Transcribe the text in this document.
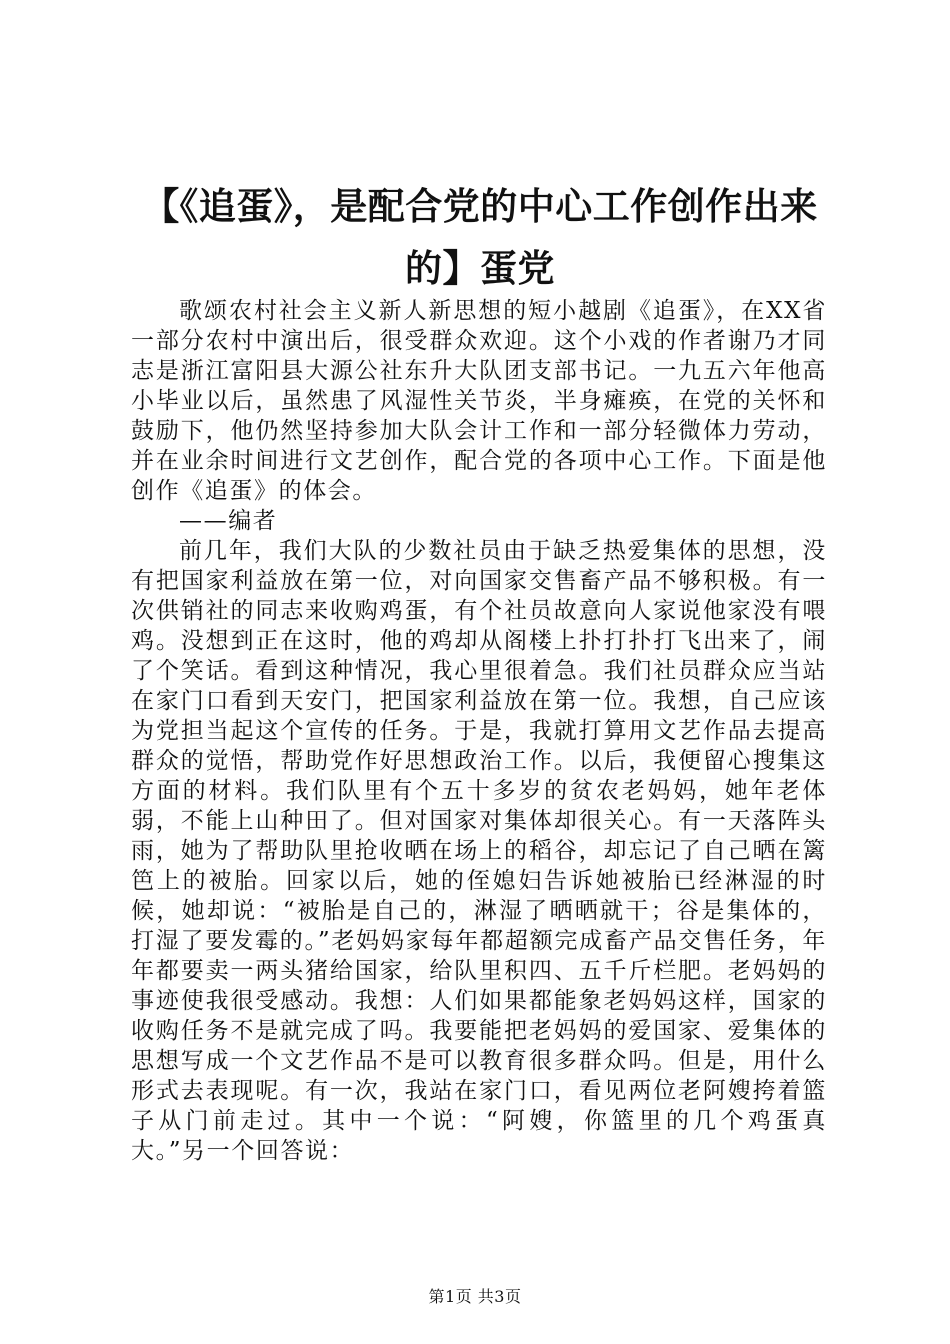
【《追蛋》，是配合党的中心工作创作出来的】蛋党

歌颂农村社会主义新人新思想的短小越剧《追蛋》，在XX省一部分农村中演出后，很受群众欢迎。这个小戏的作者谢乃才同志是浙江富阳县大源公社东升大队团支部书记。一九五六年他高小毕业以后，虽然患了风湿性关节炎，半身瘫痪，在党的关怀和鼓励下，他仍然坚持参加大队会计工作和一部分轻微体力劳动，并在业余时间进行文艺创作，配合党的各项中心工作。下面是他创作《追蛋》的体会。

——编者

前几年，我们大队的少数社员由于缺乏热爱集体的思想，没有把国家利益放在第一位，对向国家交售畜产品不够积极。有一次供销社的同志来收购鸡蛋，有个社员故意向人家说他家没有喂鸡。没想到正在这时，他的鸡却从阁楼上扑打扑打飞出来了，闹了个笑话。看到这种情况，我心里很着急。我们社员群众应当站在家门口看到天安门，把国家利益放在第一位。我想，自己应该为党担当起这个宣传的任务。于是，我就打算用文艺作品去提高群众的觉悟，帮助党作好思想政治工作。以后，我便留心搜集这方面的材料。我们队里有个五十多岁的贫农老妈妈，她年老体弱，不能上山种田了。但对国家对集体却很关心。有一天落阵头雨，她为了帮助队里抢收晒在场上的稻谷，却忘记了自己晒在篱笆上的被胎。回家以后，她的侄媳妇告诉她被胎已经淋湿的时候，她却说：“被胎是自己的，淋湿了晒晒就干；谷是集体的，打湿了要发霉的。”老妈妈家每年都超额完成畜产品交售任务，年年都要卖一两头猪给国家，给队里积四、五千斤栏肥。老妈妈的事迹使我很受感动。我想：人们如果都能象老妈妈这样，国家的收购任务不是就完成了吗。我要能把老妈妈的爱国家、爱集体的思想写成一个文艺作品不是可以教育很多群众吗。但是，用什么形式去表现呢。有一次，我站在家门口，看见两位老阿嫂挎着篮子从门前走过。其中一个说：“阿嫂，你篮里的几个鸡蛋真大。”另一个回答说：

第1页 共3页
